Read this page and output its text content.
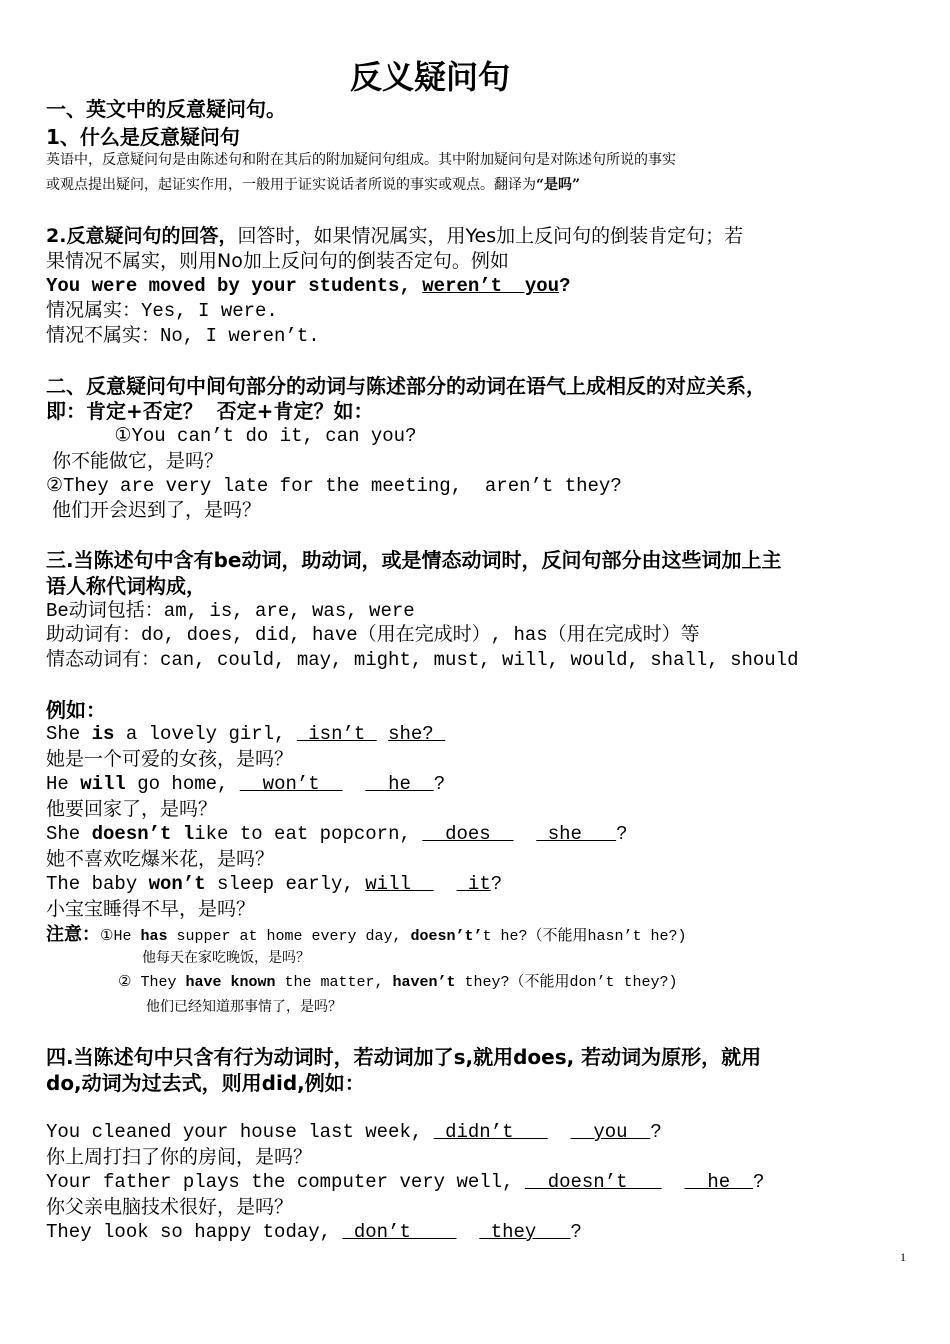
反义疑问句
一、英文中的反意疑问句。
1、什么是反意疑问句
英语中，反意疑问句是由陈述句和附在其后的附加疑问句组成。其中附加疑问句是对陈述句所说的事实
或观点提出疑问，起证实作用，一般用于证实说话者所说的事实或观点。翻译为“是吗”
2.反意疑问句的回答，回答时，如果情况属实，用Yes加上反问句的倒装肯定句；若
果情况不属实，则用No加上反问句的倒装否定句。例如
You were moved by your students, weren’t  you?
情况属实：Yes, I were.
情况不属实：No, I weren’t.
二、反意疑问句中间句部分的动词与陈述部分的动词在语气上成相反的对应关系，
即：肯定+否定？  否定+肯定？如：
①You can’t do it, can you?
你不能做它，是吗？
②They are very late for the meeting,  aren’t they?
他们开会迟到了，是吗？
三.当陈述句中含有be动词，助动词，或是情态动词时，反问句部分由这些词加上主
语人称代词构成，
Be动词包括：am, is, are, was, were
助动词有：do, does, did, have（用在完成时）, has（用在完成时）等
情态动词有：can, could, may, might, must, will, would, shall, should
例如：
She is a lovely girl,  isn’t  she?
她是一个可爱的女孩，是吗？
He will go home, _ won’t _    he  ?
他要回家了，是吗？
She doesn’t like to eat popcorn,  _does     she   ?
她不喜欢吃爆米花，是吗？
The baby won’t sleep early, will     it?
小宝宝睡得不早，是吗？
注意：①He has supper at home every day, doesn’t’t he?（不能用hasn’t he?)
他每天在家吃晚饭，是吗？
② They have known the matter, haven’t they?（不能用don’t they?)
他们已经知道那事情了，是吗？
四.当陈述句中只含有行为动词时，若动词加了s,就用does, 若动词为原形，就用
do,动词为过去式，则用did,例如：
You cleaned your house last week,  didn’t       you  ?
你上周打扫了你的房间，是吗？
Your father plays the computer very well,   doesn’t       he  ?
你父亲电脑技术很好，是吗？
They look so happy today,  don’t       they   ?
1
